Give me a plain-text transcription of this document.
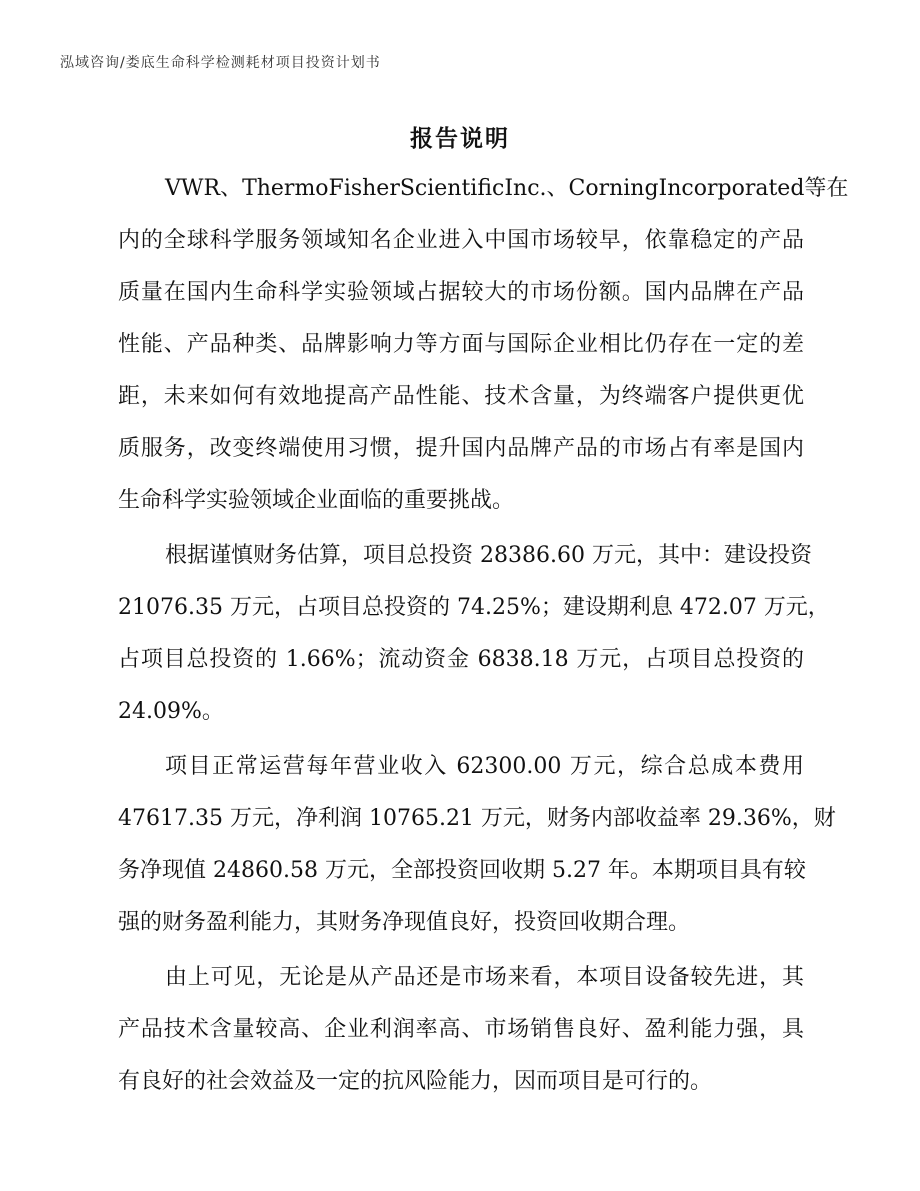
泓域咨询/娄底生命科学检测耗材项目投资计划书
报告说明
VWR、ThermoFisherScientificInc.、CorningIncorporated等在
内的全球科学服务领域知名企业进入中国市场较早，依靠稳定的产品
质量在国内生命科学实验领域占据较大的市场份额。国内品牌在产品
性能、产品种类、品牌影响力等方面与国际企业相比仍存在一定的差
距，未来如何有效地提高产品性能、技术含量，为终端客户提供更优
质服务，改变终端使用习惯，提升国内品牌产品的市场占有率是国内
生命科学实验领域企业面临的重要挑战。
根据谨慎财务估算，项目总投资 28386.60 万元，其中：建设投资
21076.35 万元，占项目总投资的 74.25%；建设期利息 472.07 万元，
占项目总投资的 1.66%；流动资金 6838.18 万元，占项目总投资的
24.09%。
项目正常运营每年营业收入 62300.00 万元，综合总成本费用
47617.35 万元，净利润 10765.21 万元，财务内部收益率 29.36%，财
务净现值 24860.58 万元，全部投资回收期 5.27 年。本期项目具有较
强的财务盈利能力，其财务净现值良好，投资回收期合理。
由上可见，无论是从产品还是市场来看，本项目设备较先进，其
产品技术含量较高、企业利润率高、市场销售良好、盈利能力强，具
有良好的社会效益及一定的抗风险能力，因而项目是可行的。
